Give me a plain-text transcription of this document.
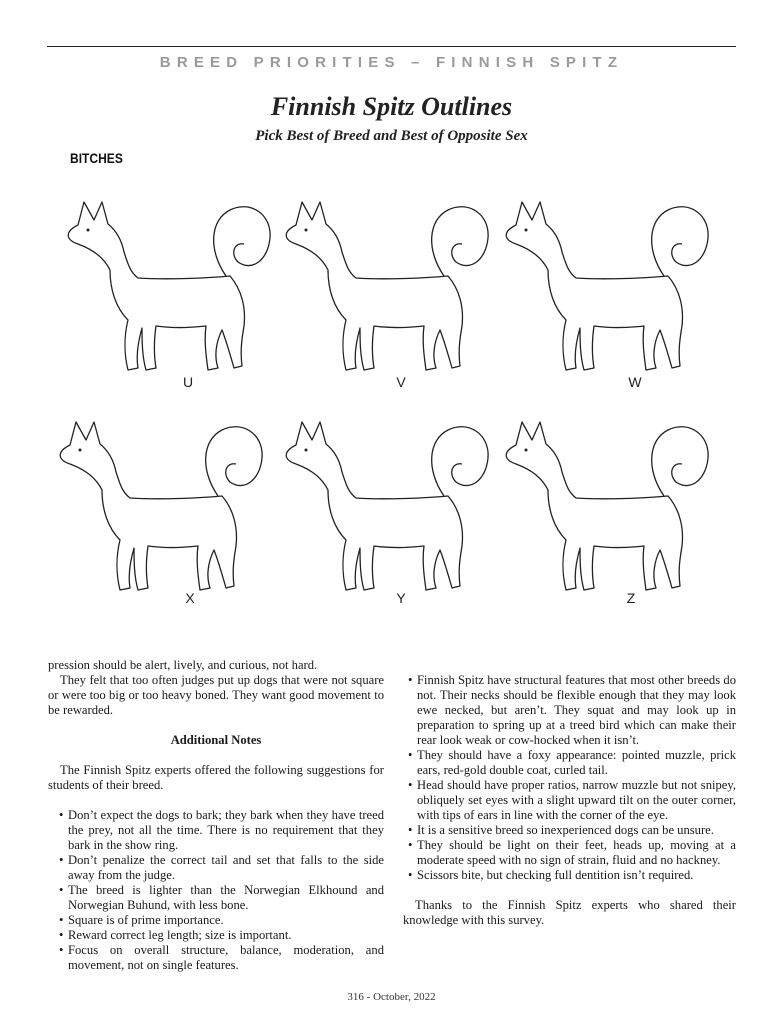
BREED PRIORITIES – FINNISH SPITZ
Finnish Spitz Outlines
Pick Best of Breed and Best of Opposite Sex
BITCHES
U	V	W
X	Y	Z

pression should be alert, lively, and curious, not hard.

They felt that too often judges put up dogs that were not square or were too big or too heavy boned. They want good movement to be rewarded.

Additional Notes

The Finnish Spitz experts offered the following suggestions for students of their breed.

• Don’t expect the dogs to bark; they bark when they have treed the prey, not all the time. There is no requirement that they bark in the show ring.
• Don’t penalize the correct tail and set that falls to the side away from the judge.
• The breed is lighter than the Norwegian Elkhound and Norwegian Buhund, with less bone.
• Square is of prime importance.
• Reward correct leg length; size is important.
• Focus on overall structure, balance, moderation, and movement, not on single features.
• Finnish Spitz have structural features that most other breeds do not. Their necks should be flexible enough that they may look ewe necked, but aren’t. They squat and may look up in preparation to spring up at a treed bird which can make their rear look weak or cow-hocked when it isn’t.
• They should have a foxy appearance: pointed muzzle, prick ears, red-gold double coat, curled tail.
• Head should have proper ratios, narrow muzzle but not snipey, obliquely set eyes with a slight upward tilt on the outer corner, with tips of ears in line with the corner of the eye.
• It is a sensitive breed so inexperienced dogs can be unsure.
• They should be light on their feet, heads up, moving at a moderate speed with no sign of strain, fluid and no hackney.
• Scissors bite, but checking full dentition isn’t required.

Thanks to the Finnish Spitz experts who shared their knowledge with this survey.

316 - October, 2022
